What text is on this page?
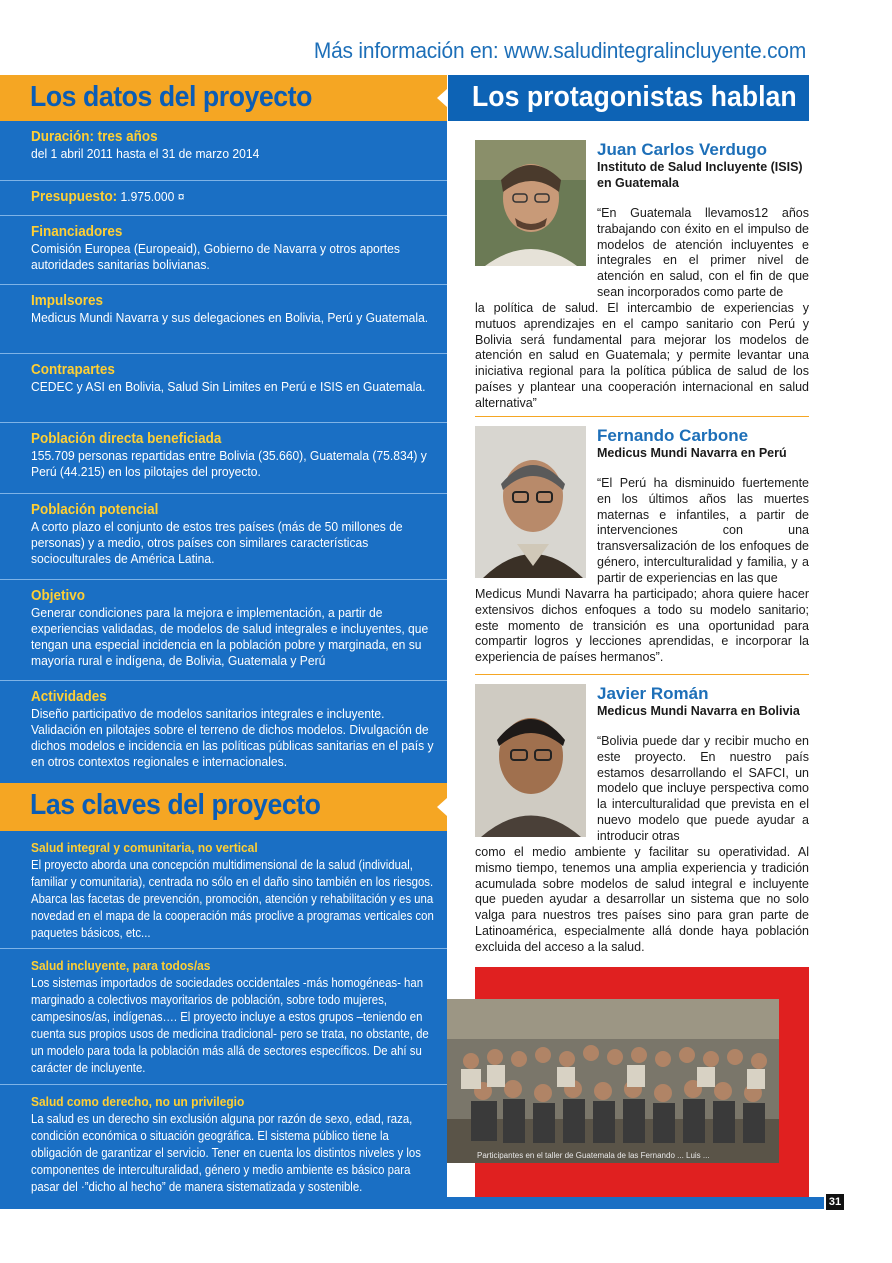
Más información en: www.saludintegralincluyente.com
Los datos del proyecto
Duración: tres años
del 1 abril 2011 hasta el 31 de marzo 2014
Presupuesto: 1.975.000 ¤
Financiadores
Comisión Europea (Europeaid), Gobierno de Navarra y otros aportes autoridades sanitarias bolivianas.
Impulsores
Medicus Mundi Navarra y sus delegaciones en Bolivia, Perú y Guatemala.
Contrapartes
CEDEC y ASI en Bolivia, Salud Sin Limites en Perú e ISIS en Guatemala.
Población directa beneficiada
155.709 personas repartidas entre Bolivia (35.660), Guatemala (75.834) y Perú (44.215) en los pilotajes del proyecto.
Población potencial
A corto plazo el conjunto de estos tres países (más de 50 millones de personas) y a medio, otros países con similares características socioculturales de América Latina.
Objetivo
Generar condiciones para la mejora e implementación, a partir de experiencias validadas, de modelos de salud integrales e incluyentes, que tengan una especial incidencia en la población pobre y marginada, en su mayoría rural e indígena, de Bolivia, Guatemala y Perú
Actividades
Diseño participativo de modelos sanitarios integrales e incluyente. Validación en pilotajes sobre el terreno de dichos modelos. Divulgación de dichos modelos e incidencia en las políticas públicas sanitarias en el país y en otros contextos regionales e internacionales.
Las claves del proyecto
Salud integral y comunitaria, no vertical
El proyecto aborda una concepción multidimensional de la salud (individual, familiar y comunitaria), centrada no sólo en el daño sino también en los riesgos. Abarca las facetas de prevención, promoción, atención y rehabilitación y es una novedad en el mapa de la cooperación más proclive a programas verticales con paquetes básicos, etc...
Salud incluyente, para todos/as
Los sistemas importados de sociedades occidentales -más homogéneas- han marginado a colectivos mayoritarios de población, sobre todo mujeres, campesinos/as, indígenas…. El proyecto incluye a estos grupos –teniendo en cuenta sus propios usos de medicina tradicional- pero se trata, no obstante, de un modelo para toda la población más allá de sectores específicos. De ahí su carácter de incluyente.
Salud como derecho, no un privilegio
La salud es un derecho sin exclusión alguna por razón de sexo, edad, raza, condición económica o situación geográfica. El sistema público tiene la obligación de garantizar el servicio. Tener en cuenta los distintos niveles y los componentes de interculturalidad, género y medio ambiente es básico para pasar del ·”dicho al hecho” de manera sistematizada y sostenible.
Los protagonistas hablan
Juan Carlos Verdugo
Instituto de Salud Incluyente (ISIS) en Guatemala
“En Guatemala llevamos12 años trabajando con éxito en el impulso de modelos de atención incluyentes e integrales en el primer nivel de atención en salud, con el fin de que sean incorporados como parte de
la política de salud. El intercambio de experiencias y mutuos aprendizajes en el campo sanitario con Perú y Bolivia será fundamental para mejorar los modelos de atención en salud en Guatemala; y permite levantar una iniciativa regional para la política pública de salud de los países y plantear una cooperación internacional en salud alternativa”
Fernando Carbone
Medicus Mundi Navarra en Perú
“El Perú ha disminuido fuertemente en los últimos años las muertes maternas e infantiles, a partir de intervenciones con una transversalización de los enfoques de género, interculturalidad y familia, y a partir de experiencias en las que
Medicus Mundi Navarra ha participado; ahora quiere hacer extensivos dichos enfoques a todo su modelo sanitario; este momento de transición es una oportunidad para compartir logros y lecciones aprendidas, e incorporar la experiencia de países hermanos”.
Javier Román
Medicus Mundi Navarra en Bolivia
“Bolivia puede dar y recibir mucho en este proyecto. En nuestro país estamos desarrollando el SAFCI, un modelo que incluye perspectiva como la interculturalidad que prevista en el nuevo modelo que puede ayudar a introducir otras
como el medio ambiente y facilitar su operatividad. Al mismo tiempo, tenemos una amplia experiencia y tradición acumulada sobre modelos de salud integral e incluyente que pueden ayudar a desarrollar un sistema que no solo valga para nuestros tres países sino para gran parte de Latinoamérica, especialmente allá donde haya población excluida del acceso a la salud.
Participantes en el taller de Guatemala de las Fernando ... Luis ...
31
